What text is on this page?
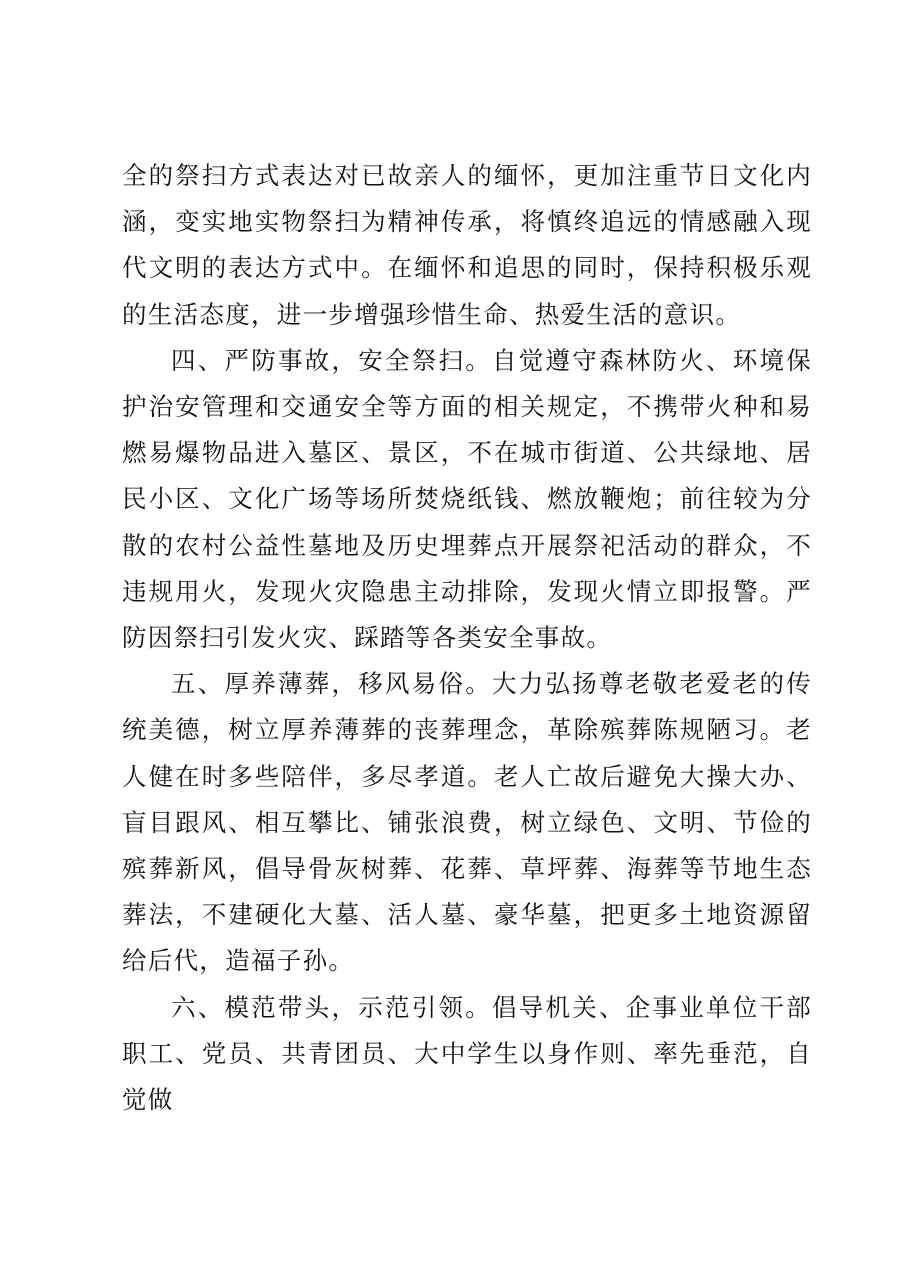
全的祭扫方式表达对已故亲人的缅怀，更加注重节日文化内涵，变实地实物祭扫为精神传承，将慎终追远的情感融入现代文明的表达方式中。在缅怀和追思的同时，保持积极乐观的生活态度，进一步增强珍惜生命、热爱生活的意识。

四、严防事故，安全祭扫。自觉遵守森林防火、环境保护治安管理和交通安全等方面的相关规定，不携带火种和易燃易爆物品进入墓区、景区，不在城市街道、公共绿地、居民小区、文化广场等场所焚烧纸钱、燃放鞭炮；前往较为分散的农村公益性墓地及历史埋葬点开展祭祀活动的群众，不违规用火，发现火灾隐患主动排除，发现火情立即报警。严防因祭扫引发火灾、踩踏等各类安全事故。

五、厚养薄葬，移风易俗。大力弘扬尊老敬老爱老的传统美德，树立厚养薄葬的丧葬理念，革除殡葬陈规陋习。老人健在时多些陪伴，多尽孝道。老人亡故后避免大操大办、盲目跟风、相互攀比、铺张浪费，树立绿色、文明、节俭的殡葬新风，倡导骨灰树葬、花葬、草坪葬、海葬等节地生态葬法，不建硬化大墓、活人墓、豪华墓，把更多土地资源留给后代，造福子孙。

六、模范带头，示范引领。倡导机关、企事业单位干部职工、党员、共青团员、大中学生以身作则、率先垂范，自觉做
